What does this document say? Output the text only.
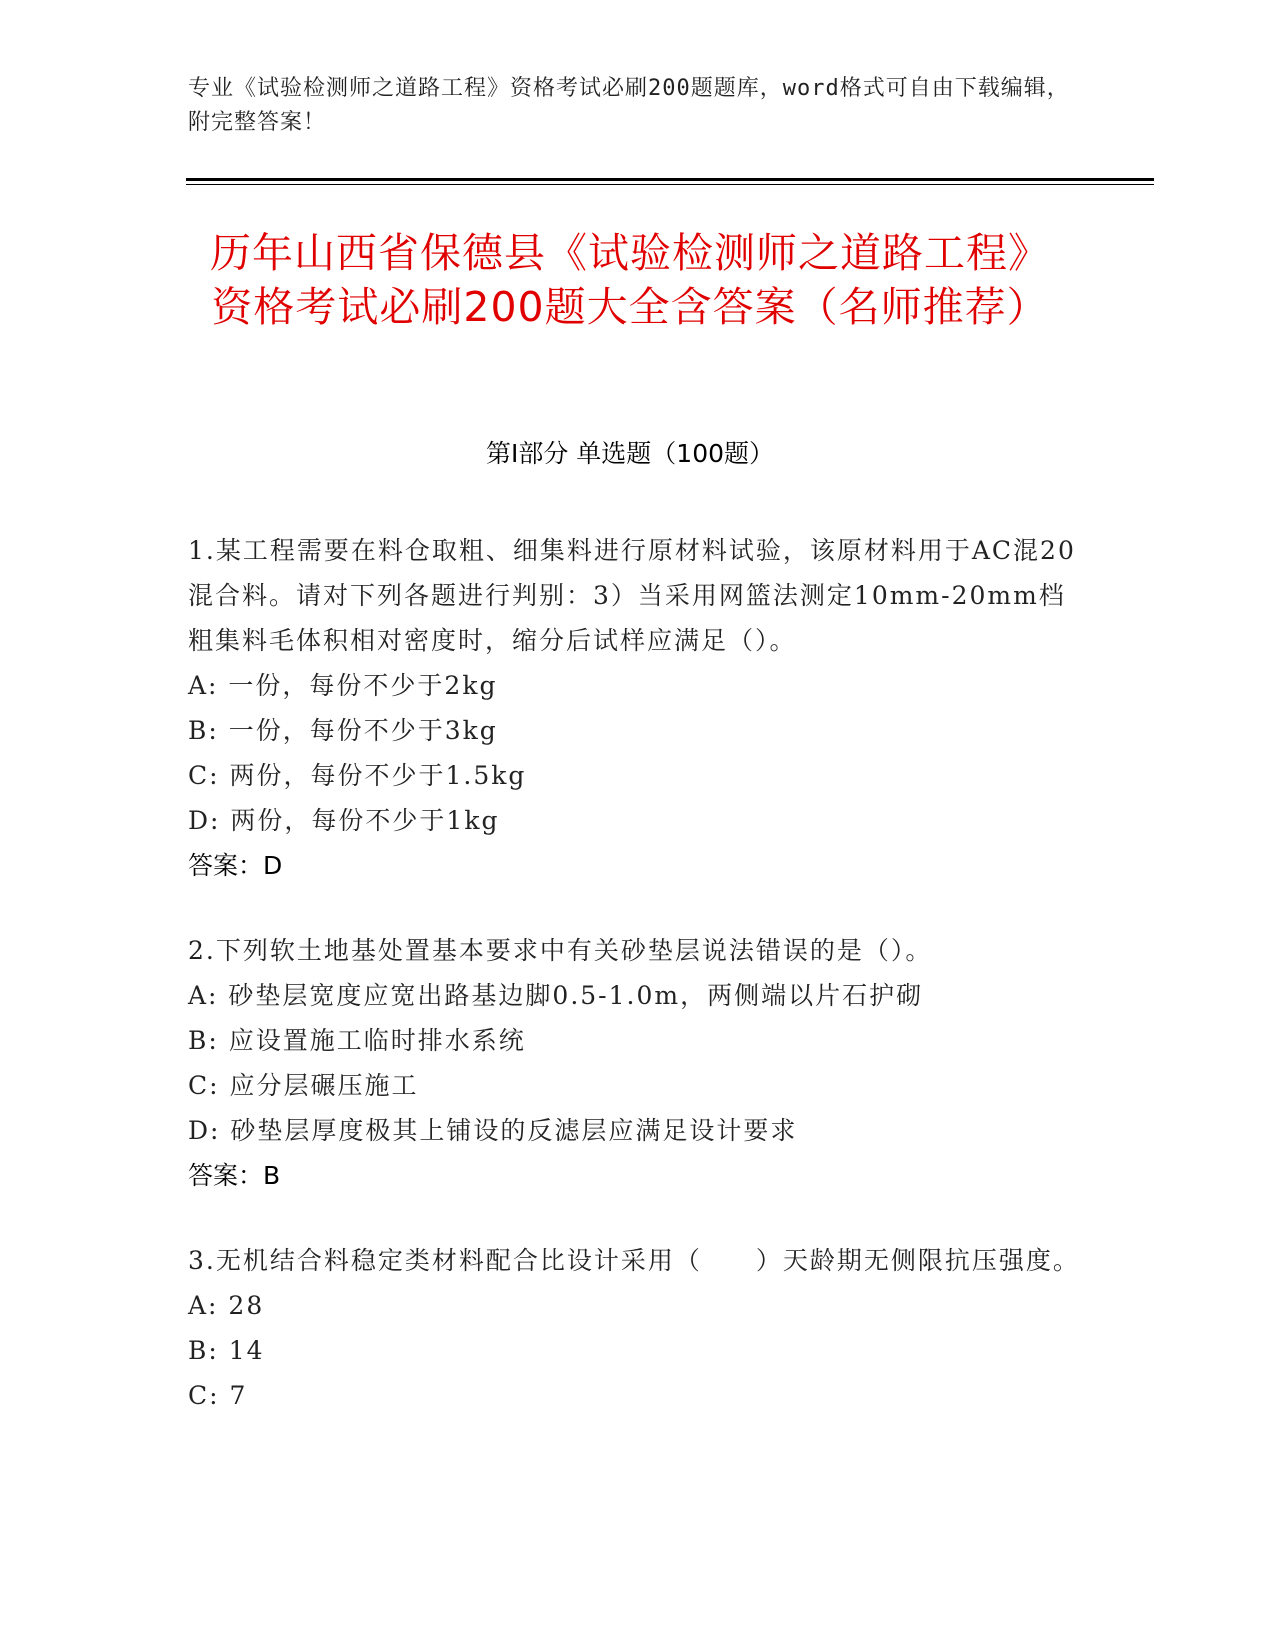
专业《试验检测师之道路工程》资格考试必刷200题题库，word格式可自由下载编辑，附完整答案！
历年山西省保德县《试验检测师之道路工程》资格考试必刷200题大全含答案（名师推荐）
第I部分 单选题（100题）

1.某工程需要在料仓取粗、细集料进行原材料试验，该原材料用于AC混20混合料。请对下列各题进行判别：3）当采用网篮法测定10mm-20mm档粗集料毛体积相对密度时，缩分后试样应满足（）。

A: 一份，每份不少于2kg

B: 一份，每份不少于3kg

C: 两份，每份不少于1.5kg

D: 两份，每份不少于1kg

答案：D

2.下列软土地基处置基本要求中有关砂垫层说法错误的是（）。

A: 砂垫层宽度应宽出路基边脚0.5-1.0m，两侧端以片石护砌

B: 应设置施工临时排水系统

C: 应分层碾压施工

D: 砂垫层厚度极其上铺设的反滤层应满足设计要求

答案：B

3.无机结合料稳定类材料配合比设计采用（　　）天龄期无侧限抗压强度。

A: 28

B: 14

C: 7
